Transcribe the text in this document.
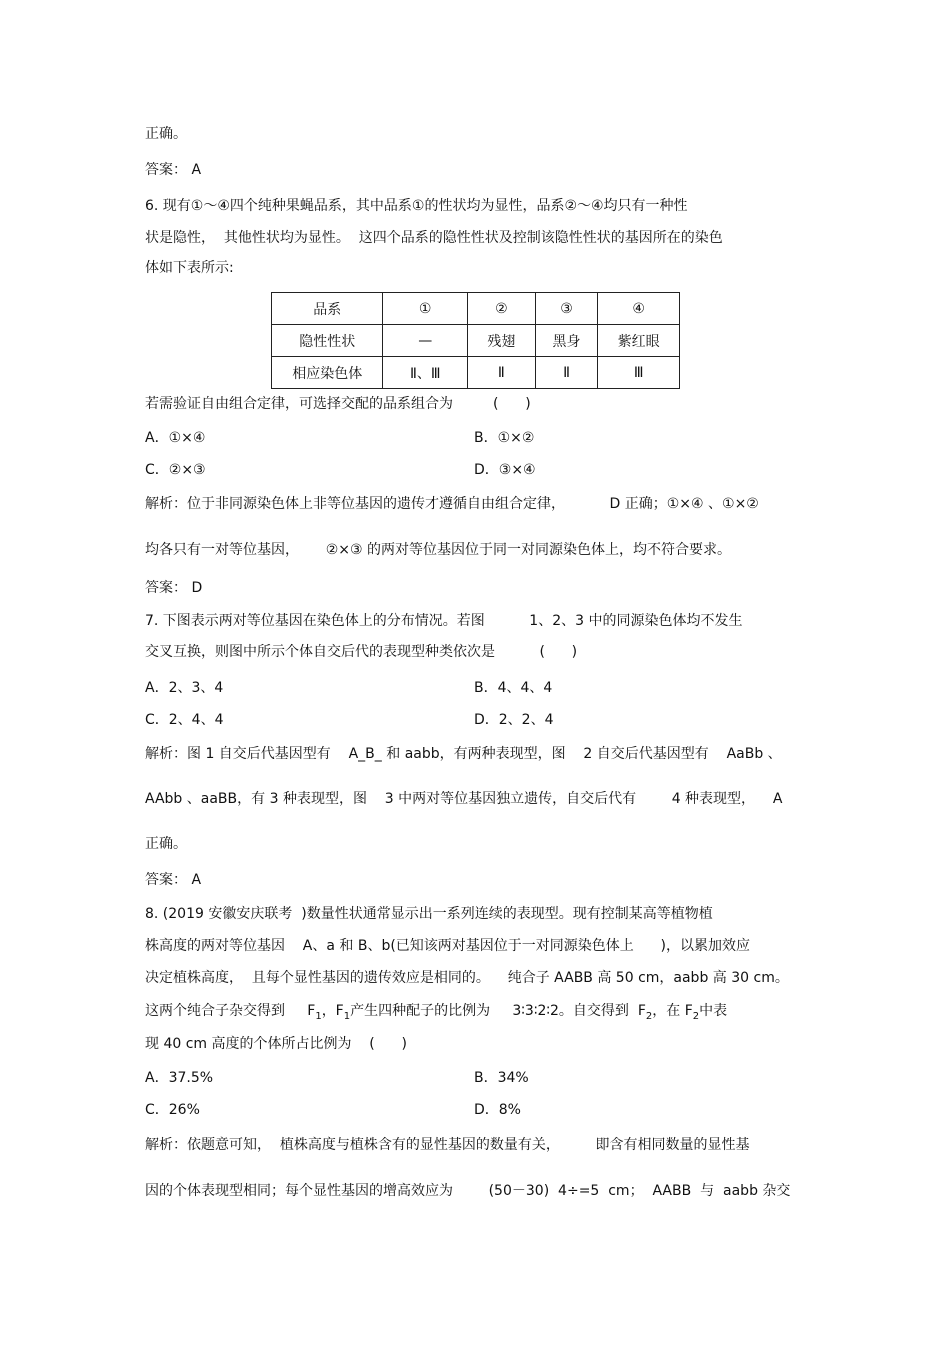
正确。
答案： A
6. 现有①～④四个纯种果蝇品系，其中品系①的性状均为显性，品系②～④均只有一种性
状是隐性，  其他性状均为显性。  这四个品系的隐性性状及控制该隐性性状的基因所在的染色
体如下表所示:
品系	①	②	③	④
隐性性状	—	残翅	黑身	紫红眼
相应染色体	Ⅱ、Ⅲ	Ⅱ	Ⅱ	Ⅲ
若需验证自由组合定律，可选择交配的品系组合为         (      )
A．①×④	B．①×②
C．②×③	D．③×④
解析：位于非同源染色体上非等位基因的遗传才遵循自由组合定律，          D 正确；①×④ 、①×②
均各只有一对等位基因，      ②×③ 的两对等位基因位于同一对同源染色体上，均不符合要求。
答案： D
7. 下图表示两对等位基因在染色体上的分布情况。若图          1、2、3 中的同源染色体均不发生
交叉互换，则图中所示个体自交后代的表现型种类依次是          (      )
A．2、3、4	B．4、4、4
C．2、4、4	D．2、2、4
解析：图 1 自交后代基因型有    A_B_ 和 aabb，有两种表现型，图    2 自交后代基因型有    AaBb 、
AAbb 、aaBB，有 3 种表现型，图    3 中两对等位基因独立遗传，自交后代有        4 种表现型，    A
正确。
答案： A
8. (2019 安徽安庆联考  )数量性状通常显示出一系列连续的表现型。现有控制某高等植物植
株高度的两对等位基因    A、a 和 B、b(已知该两对基因位于一对同源染色体上      )，以累加效应
决定植株高度，  且每个显性基因的遗传效应是相同的。    纯合子 AABB 高 50 cm，aabb 高 30 cm。
这两个纯合子杂交得到     $F_1$，$F_1$产生四种配子的比例为     3∶3∶2∶2。自交得到  $F_2$，在 $F_2$中表
现 40 cm 高度的个体所占比例为    (      )
A．37.5%	B．34%
C．26%	D．8%
解析：依题意可知，  植株高度与植株含有的显性基因的数量有关，        即含有相同数量的显性基
因的个体表现型相同；每个显性基因的增高效应为        (50－30)  4÷=5  cm；  AABB  与  aabb 杂交
